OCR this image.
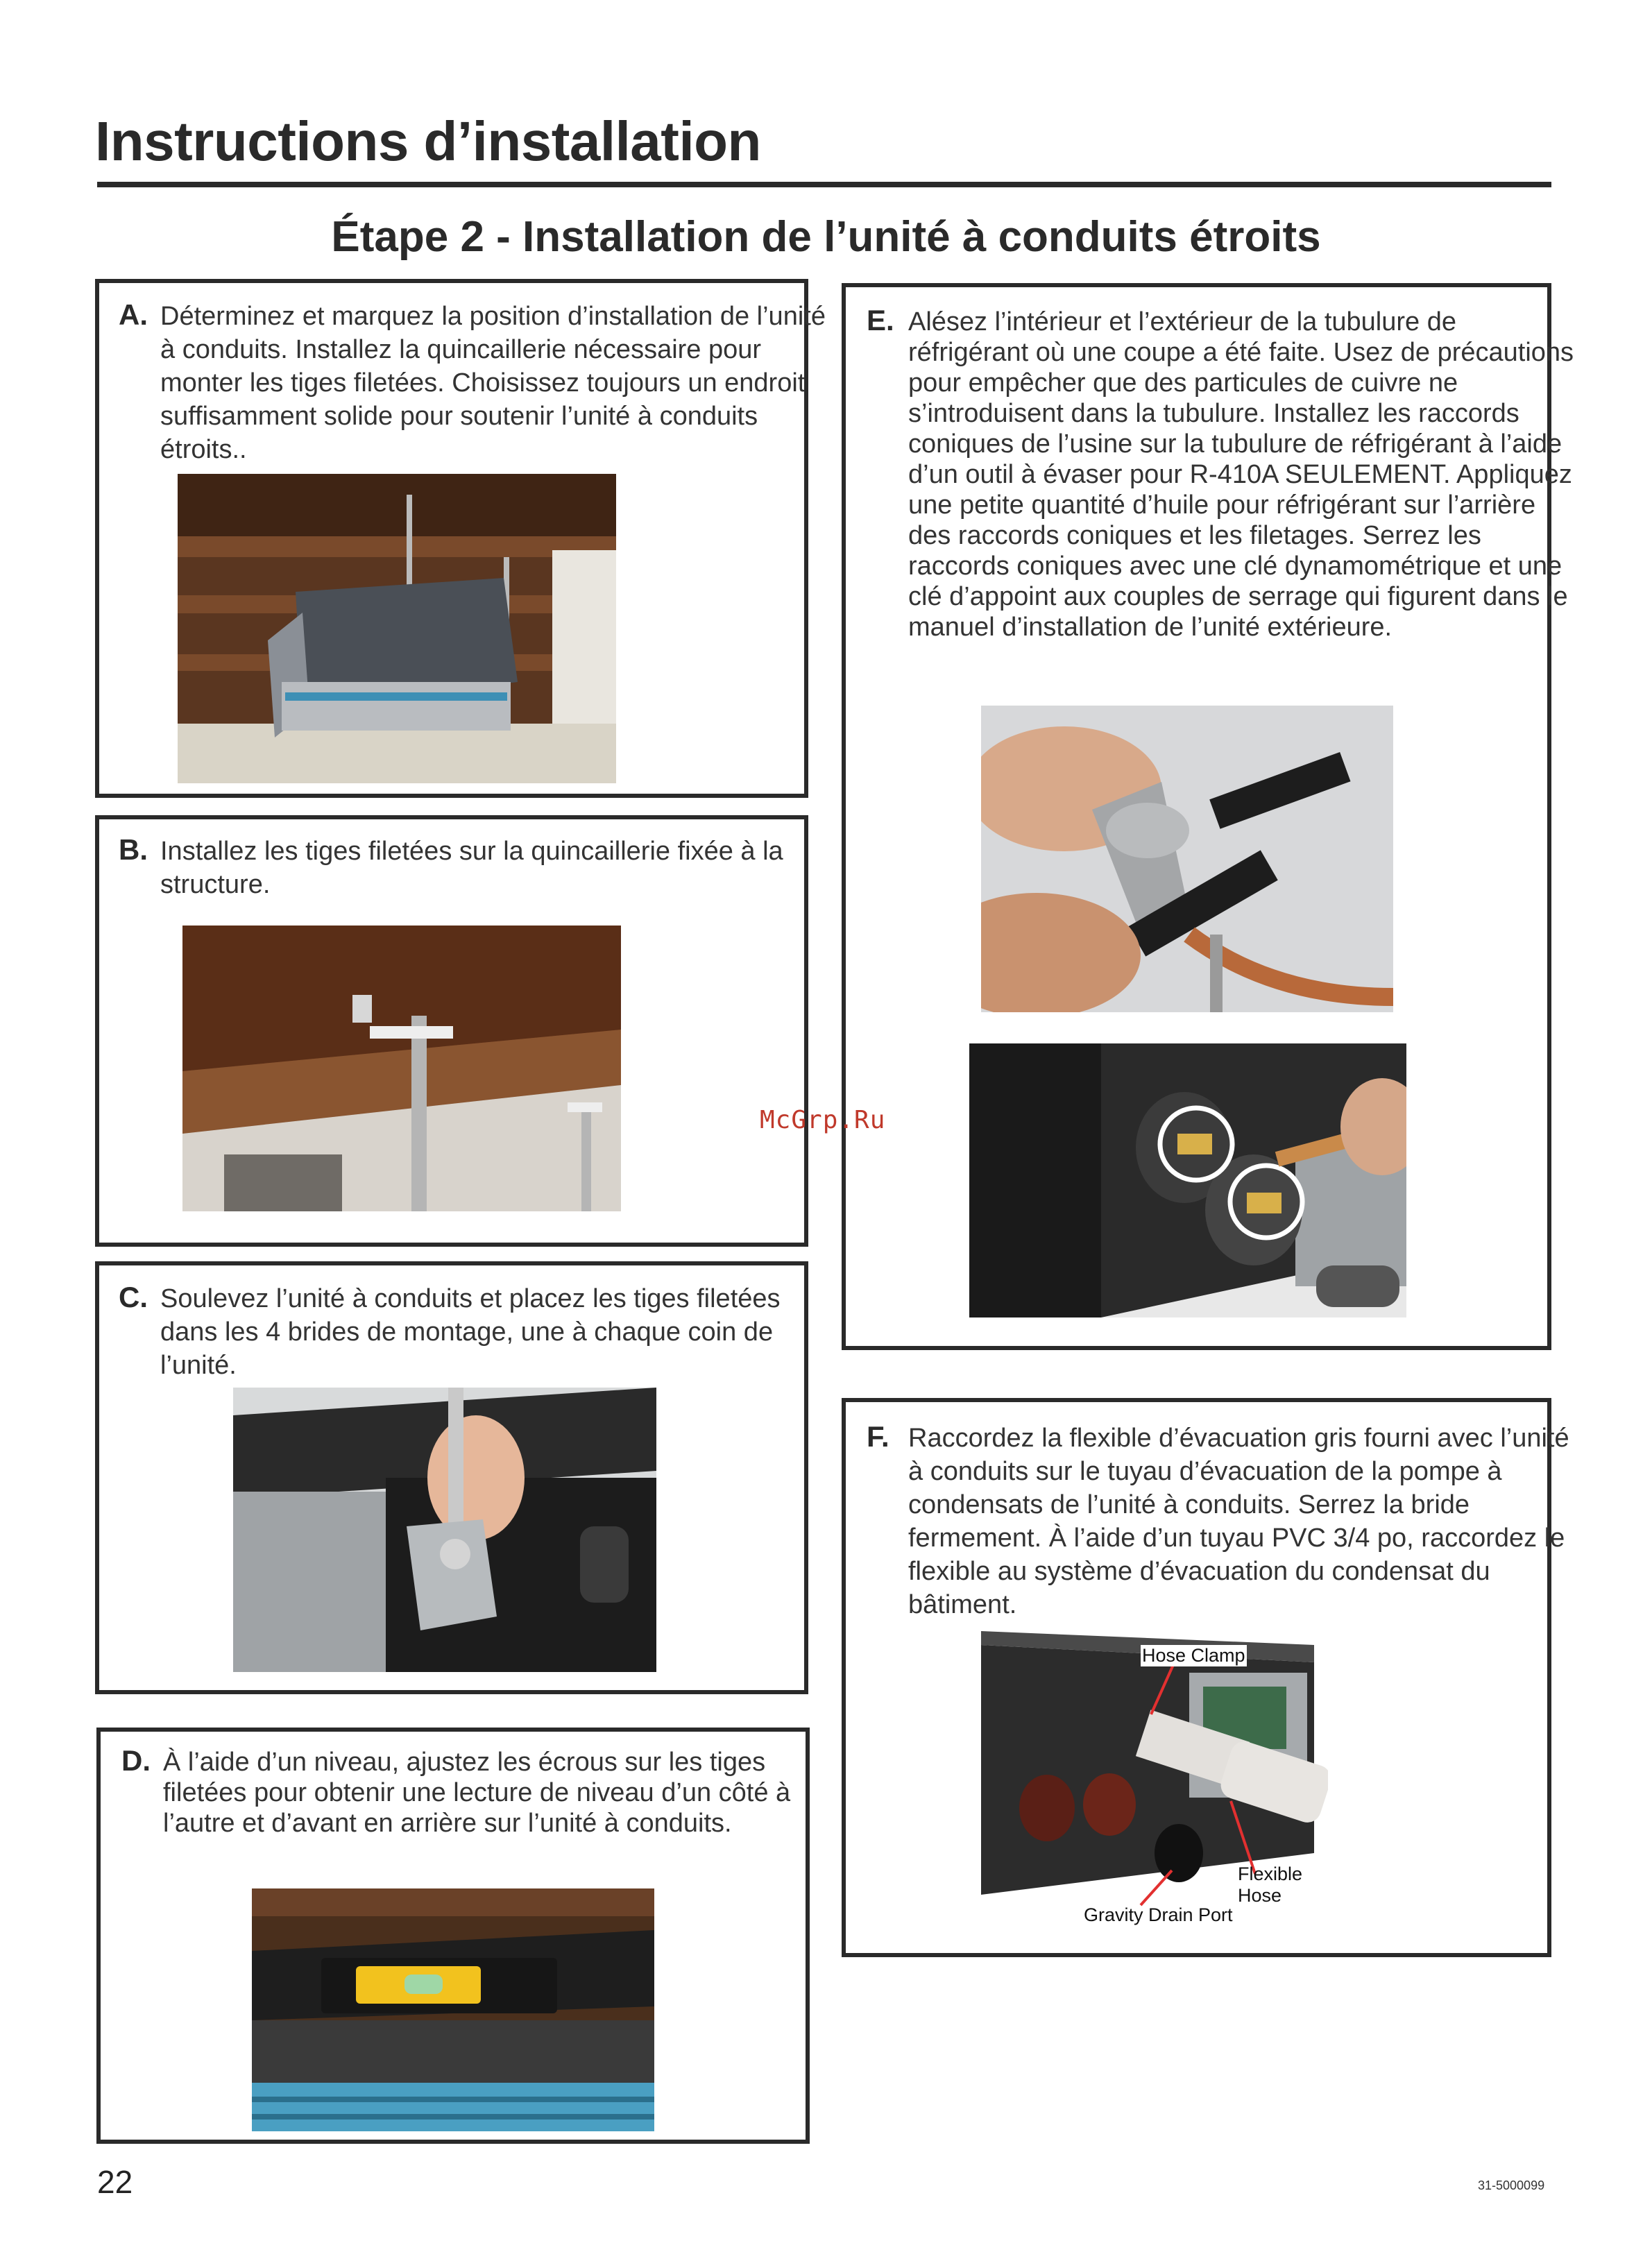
Instructions d’installation
Étape 2 - Installation de l’unité à conduits étroits
A. Déterminez et marquez la position d’installation de l’unité à conduits. Installez la quincaillerie nécessaire pour monter les tiges filetées. Choisissez toujours un endroit suffisamment solide pour soutenir l’unité à conduits étroits..
B. Installez les tiges filetées sur la quincaillerie fixée à la structure.
C. Soulevez l’unité à conduits et placez les tiges filetées dans les 4 brides de montage, une à chaque coin de l’unité.
D. À l’aide d’un niveau, ajustez les écrous sur les tiges filetées pour obtenir une lecture de niveau d’un côté à l’autre et d’avant en arrière sur l’unité à conduits.
E. Alésez l’intérieur et l’extérieur de la tubulure de réfrigérant où une coupe a été faite. Usez de précautions pour empêcher que des particules de cuivre ne s’introduisent dans la tubulure. Installez les raccords coniques de l’usine sur la tubulure de réfrigérant à l’aide d’un outil à évaser pour R-410A SEULEMENT. Appliquez une petite quantité d’huile pour réfrigérant sur l’arrière des raccords coniques et les filetages. Serrez les raccords coniques avec une clé dynamométrique et une clé d’appoint aux couples de serrage qui figurent dans le manuel d’installation de l’unité extérieure.
F. Raccordez la flexible d’évacuation gris fourni avec l’unité à conduits sur le tuyau d’évacuation de la pompe à condensats de l’unité à conduits. Serrez la bride fermement. À l’aide d’un tuyau PVC 3/4 po, raccordez le flexible au système d’évacuation du condensat du bâtiment.
Hose Clamp
Flexible Hose
Gravity Drain Port
McGrp.Ru
22	31-5000099
